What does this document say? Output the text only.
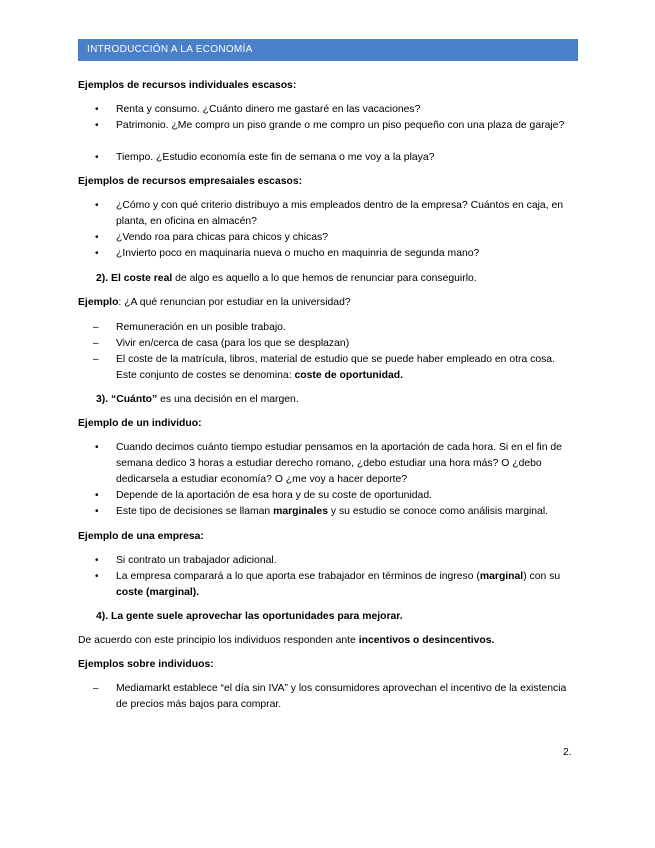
INTRODUCCIÓN A LA ECONOMÍA

Ejemplos de recursos individuales escasos:

• Renta y consumo. ¿Cuánto dinero me gastaré en las vacaciones?

• Patrimonio. ¿Me compro un piso grande o me compro un piso pequeño con una plaza de garaje?

• Tiempo. ¿Estudio economía este fin de semana o me voy a la playa?

Ejemplos de recursos empresaiales escasos:

• ¿Cómo y con qué criterio distribuyo a mis empleados dentro de la empresa? Cuántos en caja, en planta, en oficina en almacén?

• ¿Vendo roa para chicas para chicos y chicas?

• ¿Invierto poco en maquinaria nueva o mucho en maquinria de segunda mano?

2). El coste real de algo es aquello a lo que hemos de renunciar para conseguirlo.

Ejemplo: ¿A qué renuncian por estudiar en la universidad?

– Remuneración en un posible trabajo.

– Vivir en/cerca de casa (para los que se desplazan)

– El coste de la matrícula, libros, material de estudio que se puede haber empleado en otra cosa. Este conjunto de costes se denomina: coste de oportunidad.

3). “Cuánto” es una decisión en el margen.

Ejemplo de un individuo:

• Cuando decimos cuánto tiempo estudiar pensamos en la aportación de cada hora. Si en el fin de semana dedico 3 horas a estudiar derecho romano, ¿debo estudiar una hora más? O ¿debo dedicarsela a estudiar economía? O ¿me voy a hacer deporte?

• Depende de la aportación de esa hora y de su coste de oportunidad.

• Este tipo de decisiones se llaman marginales y su estudio se conoce como análisis marginal.

Ejemplo de una empresa:

• Si contrato un trabajador adicional.

• La empresa comparará a lo que aporta ese trabajador en términos de ingreso (marginal) con su coste (marginal).

4). La gente suele aprovechar las oportunidades para mejorar.

De acuerdo con este principio los individuos responden ante incentivos o desincentivos.

Ejemplos sobre individuos:

– Mediamarkt establece “el día sin IVA” y los consumidores aprovechan el incentivo de la existencia de precios más bajos para comprar.

2.
